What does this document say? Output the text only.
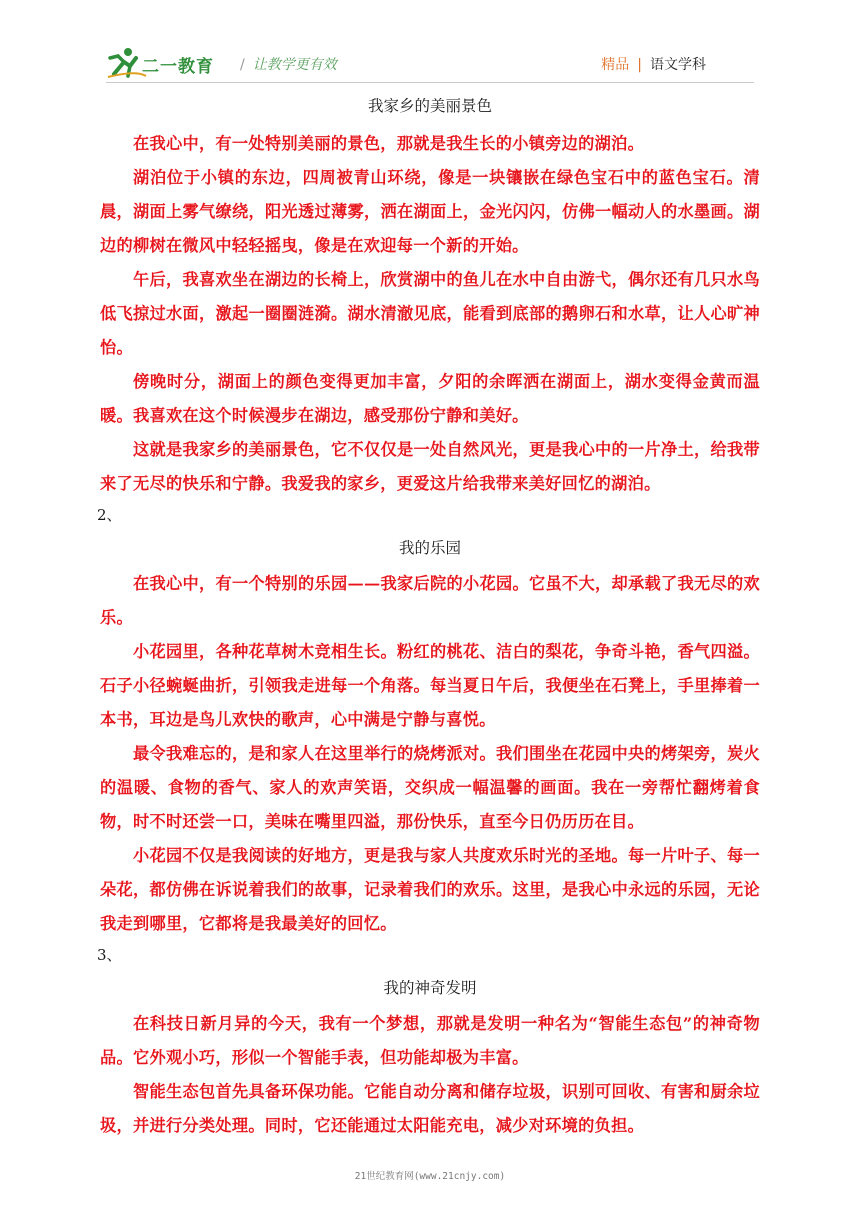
二一教育 / 让教学更有效	精品 | 语文学科

我家乡的美丽景色

在我心中，有一处特别美丽的景色，那就是我生长的小镇旁边的湖泊。

湖泊位于小镇的东边，四周被青山环绕，像是一块镶嵌在绿色宝石中的蓝色宝石。清晨，湖面上雾气缭绕，阳光透过薄雾，洒在湖面上，金光闪闪，仿佛一幅动人的水墨画。湖边的柳树在微风中轻轻摇曳，像是在欢迎每一个新的开始。

午后，我喜欢坐在湖边的长椅上，欣赏湖中的鱼儿在水中自由游弋，偶尔还有几只水鸟低飞掠过水面，激起一圈圈涟漪。湖水清澈见底，能看到底部的鹅卵石和水草，让人心旷神怡。

傍晚时分，湖面上的颜色变得更加丰富，夕阳的余晖洒在湖面上，湖水变得金黄而温暖。我喜欢在这个时候漫步在湖边，感受那份宁静和美好。

这就是我家乡的美丽景色，它不仅仅是一处自然风光，更是我心中的一片净土，给我带来了无尽的快乐和宁静。我爱我的家乡，更爱这片给我带来美好回忆的湖泊。

2、

我的乐园

在我心中，有一个特别的乐园——我家后院的小花园。它虽不大，却承载了我无尽的欢乐。

小花园里，各种花草树木竞相生长。粉红的桃花、洁白的梨花，争奇斗艳，香气四溢。石子小径蜿蜒曲折，引领我走进每一个角落。每当夏日午后，我便坐在石凳上，手里捧着一本书，耳边是鸟儿欢快的歌声，心中满是宁静与喜悦。

最令我难忘的，是和家人在这里举行的烧烤派对。我们围坐在花园中央的烤架旁，炭火的温暖、食物的香气、家人的欢声笑语，交织成一幅温馨的画面。我在一旁帮忙翻烤着食物，时不时还尝一口，美味在嘴里四溢，那份快乐，直至今日仍历历在目。

小花园不仅是我阅读的好地方，更是我与家人共度欢乐时光的圣地。每一片叶子、每一朵花，都仿佛在诉说着我们的故事，记录着我们的欢乐。这里，是我心中永远的乐园，无论我走到哪里，它都将是我最美好的回忆。

3、

我的神奇发明

在科技日新月异的今天，我有一个梦想，那就是发明一种名为“智能生态包”的神奇物品。它外观小巧，形似一个智能手表，但功能却极为丰富。

智能生态包首先具备环保功能。它能自动分离和储存垃圾，识别可回收、有害和厨余垃圾，并进行分类处理。同时，它还能通过太阳能充电，减少对环境的负担。

21世纪教育网(www.21cnjy.com)
